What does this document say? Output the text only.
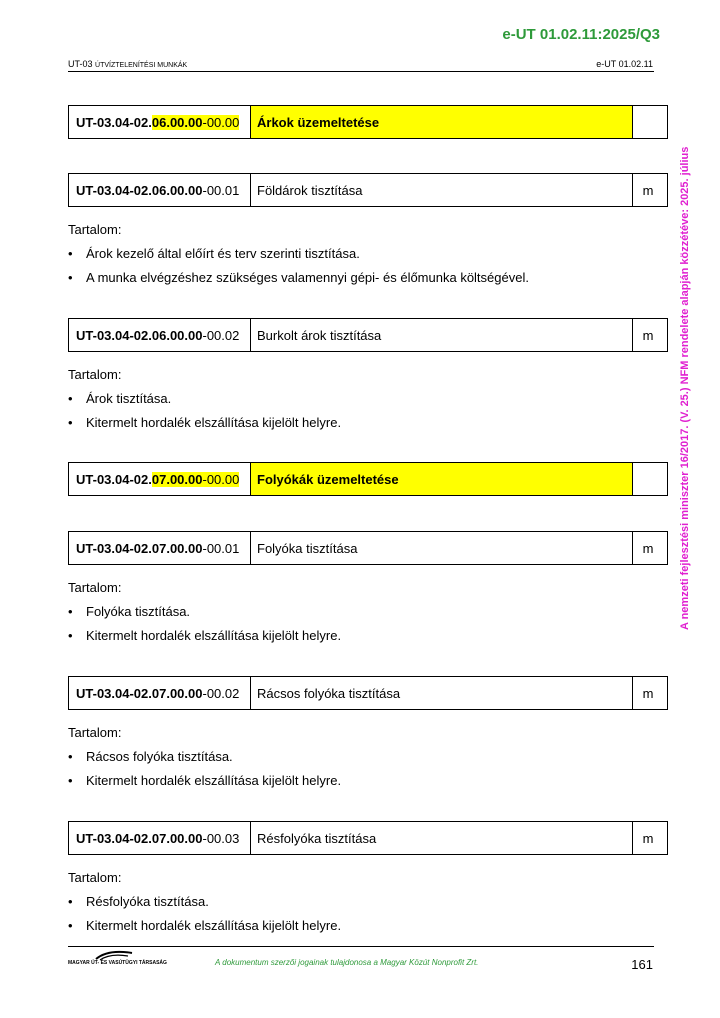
e-UT 01.02.11:2025/Q3
UT-03 ÚTVÍZTELENÍTÉSI MUNKÁK	e-UT 01.02.11
A nemzeti fejlesztési miniszter 16/2017. (V. 25.) NFM rendelete alapján közzétéve: 2025. július
UT-03.04-02. 06.00.00 -00.00	Árkok üzemeltetése
UT-03.04-02. 06.00.00 -00.01	Földárok tisztítása	m
Tartalom:
• Árok kezelő által előírt és terv szerinti tisztítása.
• A munka elvégzéshez szükséges valamennyi gépi- és élőmunka költségével.
UT-03.04-02. 06.00.00 -00.02	Burkolt árok tisztítása	m
Tartalom:
• Árok tisztítása.
• Kitermelt hordalék elszállítása kijelölt helyre.
UT-03.04-02. 07.00.00 -00.00	Folyókák üzemeltetése
UT-03.04-02. 07.00.00 -00.01	Folyóka tisztítása	m
Tartalom:
• Folyóka tisztítása.
• Kitermelt hordalék elszállítása kijelölt helyre.
UT-03.04-02. 07.00.00 -00.02	Rácsos folyóka tisztítása	m
Tartalom:
• Rácsos folyóka tisztítása.
• Kitermelt hordalék elszállítása kijelölt helyre.
UT-03.04-02. 07.00.00 -00.03	Résfolyóka tisztítása	m
Tartalom:
• Résfolyóka tisztítása.
• Kitermelt hordalék elszállítása kijelölt helyre.
MAGYAR ÚT- ÉS VASÚTÜGYI TÁRSASÁG	A dokumentum szerzői jogainak tulajdonosa a Magyar Közút Nonprofit Zrt.	161
